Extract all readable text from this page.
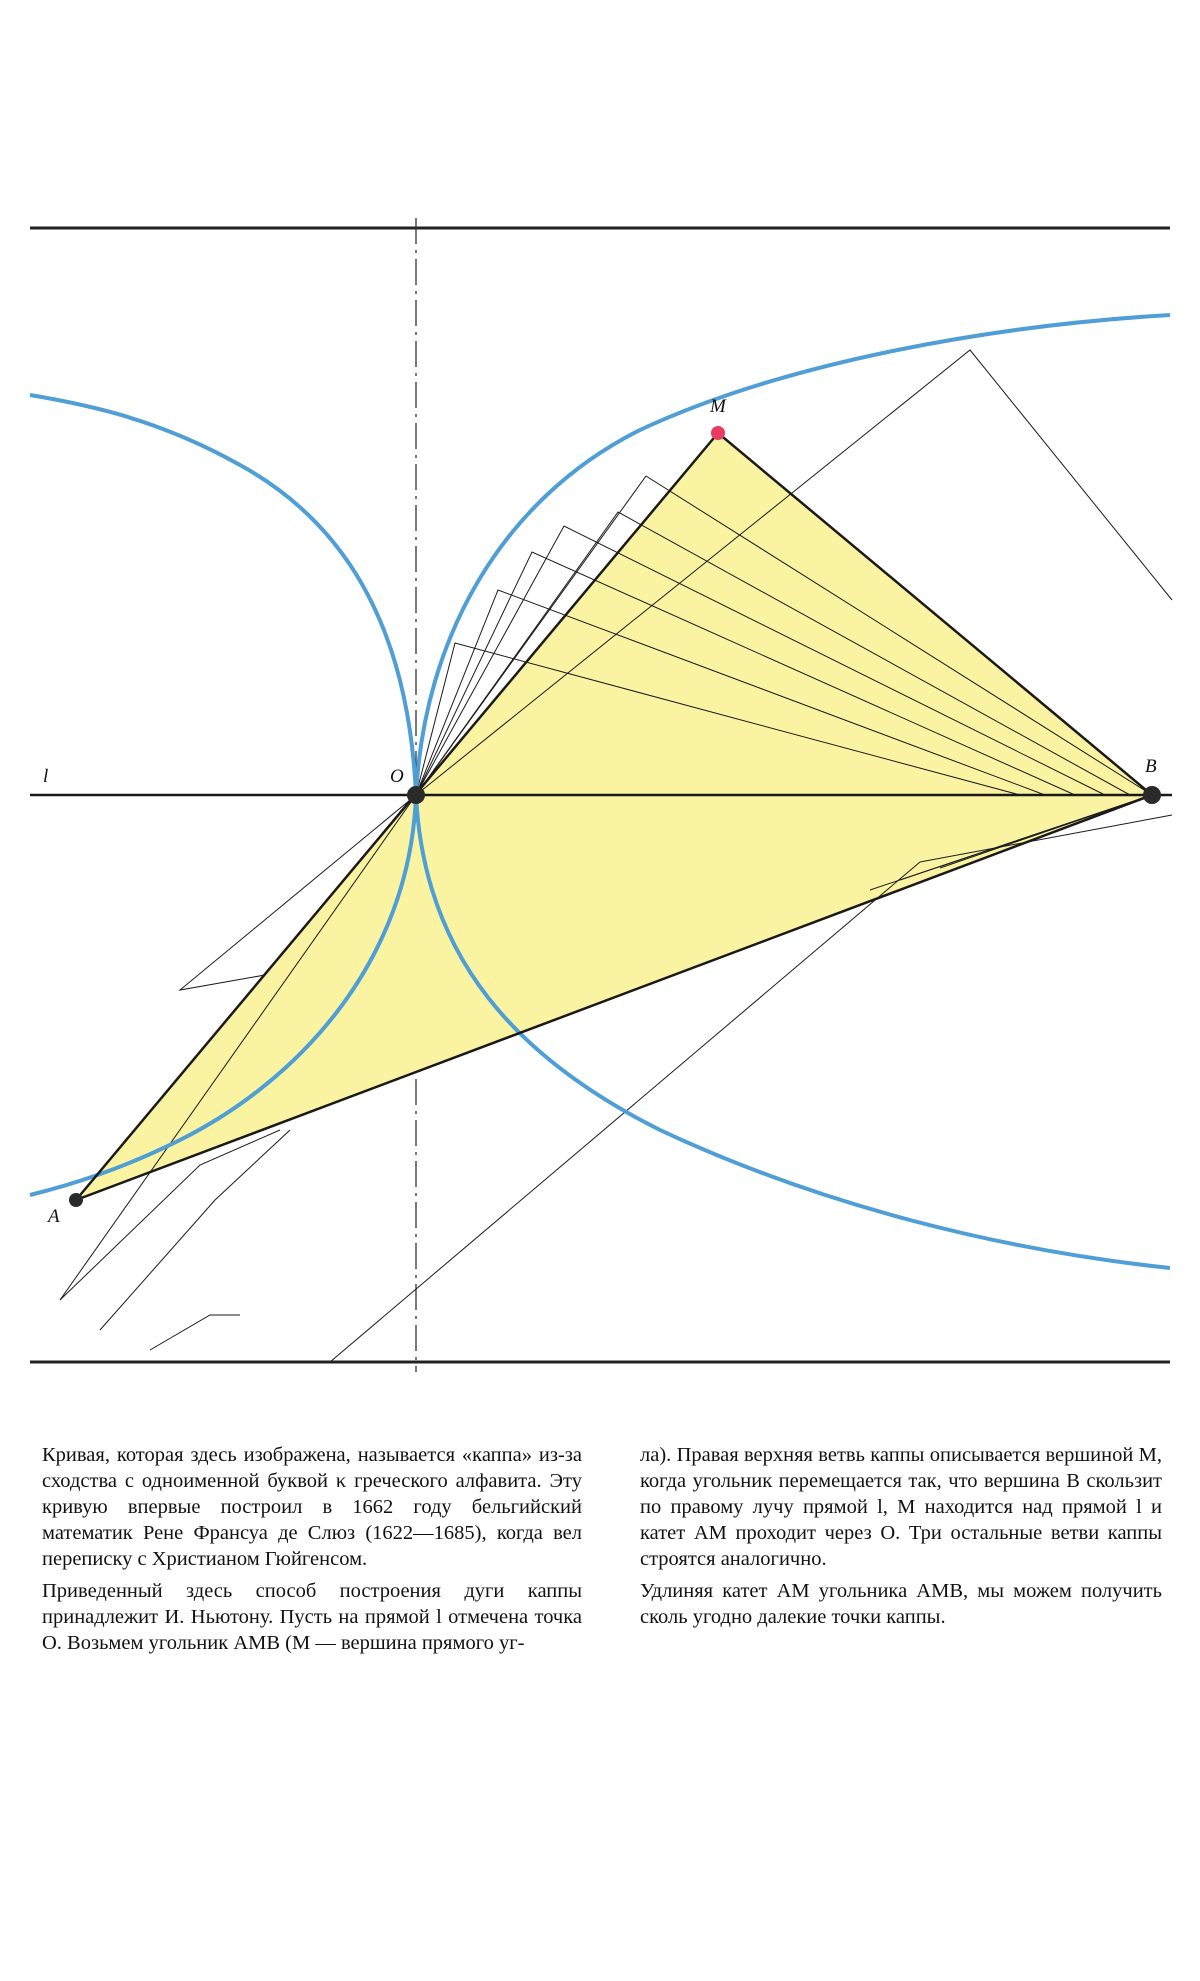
l	O	B
M
A

Кривая, которая здесь изображена, называется «каппа» из-за сходства с одноименной буквой κ греческого алфавита. Эту кривую впервые построил в 1662 году бельгийский математик Рене Франсуа де Слюз (1622—1685), когда вел переписку с Христианом Гюйгенсом.

Приведенный здесь способ построения дуги каппы принадлежит И. Ньютону. Пусть на прямой l отмечена точка O. Возьмем угольник AMB (M — вершина прямого уг-

ла). Правая верхняя ветвь каппы описывается вершиной M, когда угольник перемещается так, что вершина B скользит по правому лучу прямой l, M находится над прямой l и катет AM проходит через O. Три остальные ветви каппы строятся аналогично.

Удлиняя катет AM угольника AMB, мы можем получить сколь угодно далекие точки каппы.
